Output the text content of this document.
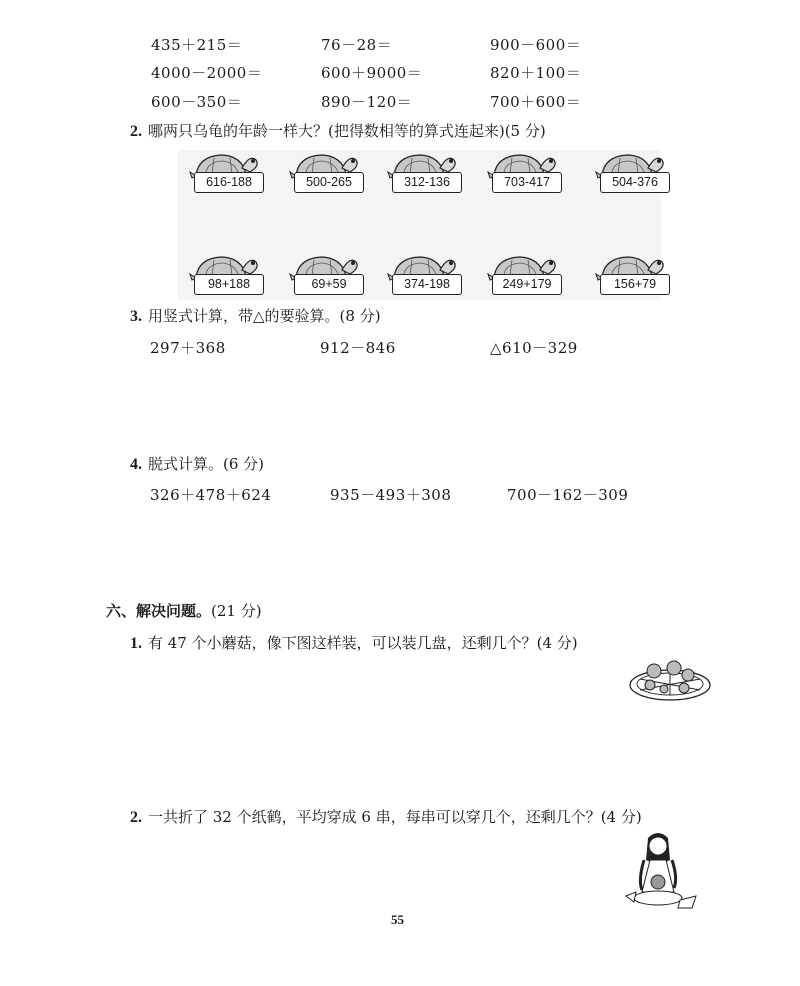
435＋215＝	76－28＝	900－600＝
4000－2000＝	600＋9000＝	820＋100＝
600－350＝	890－120＝	700＋600＝
2. 哪两只乌龟的年龄一样大？(把得数相等的算式连起来)(5 分)
616-188	500-265	312-136	703-417	504-376
98+188	69+59	374-198	249+179	156+79
3. 用竖式计算，带△的要验算。(8 分)
297＋368	912－846	△610－329
4. 脱式计算。(6 分)
326＋478＋624	935－493＋308	700－162－309
六、解决问题。(21 分)
1. 有 47 个小蘑菇，像下图这样装，可以装几盘，还剩几个？(4 分)
2. 一共折了 32 个纸鹤，平均穿成 6 串，每串可以穿几个，还剩几个？(4 分)
55
